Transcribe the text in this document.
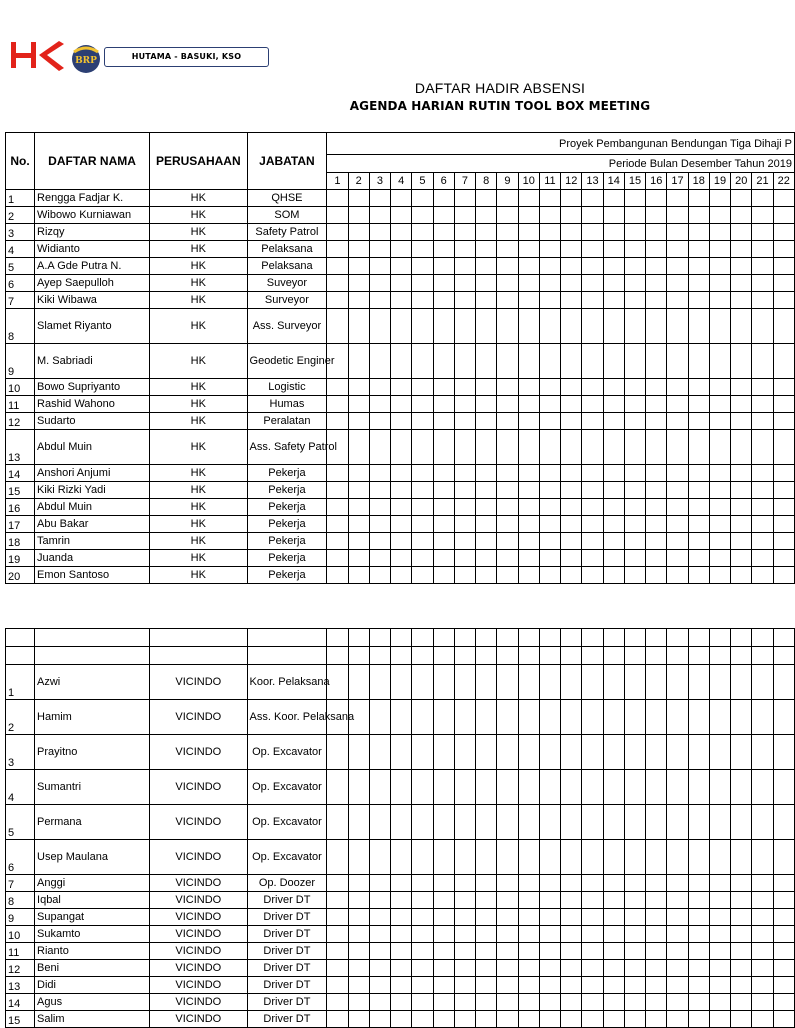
BRP	HUTAMA - BASUKI, KSO
DAFTAR HADIR ABSENSI
AGENDA HARIAN RUTIN TOOL BOX MEETING
No.	DAFTAR NAMA	PERUSAHAAN	JABATAN	Proyek Pembangunan Bendungan Tiga Dihaji P																					
				Periode Bulan Desember Tahun 2019																					
				1	2	3	4	5	6	7	8	9	10	11	12	13	14	15	16	17	18	19	20	21	22
1	Rengga Fadjar K.	HK	QHSE																						
2	Wibowo Kurniawan	HK	SOM																						
3	Rizqy	HK	Safety Patrol																						
4	Widianto	HK	Pelaksana																						
5	A.A Gde Putra N.	HK	Pelaksana																						
6	Ayep Saepulloh	HK	Suveyor																						
7	Kiki Wibawa	HK	Surveyor																						
8	Slamet Riyanto	HK	Ass. Surveyor																						
9	M. Sabriadi	HK	Geodetic Enginer																						
10	Bowo Supriyanto	HK	Logistic																						
11	Rashid Wahono	HK	Humas																						
12	Sudarto	HK	Peralatan																						
13	Abdul Muin	HK	Ass. Safety Patrol																						
14	Anshori Anjumi	HK	Pekerja																						
15	Kiki Rizki Yadi	HK	Pekerja																						
16	Abdul Muin	HK	Pekerja																						
17	Abu Bakar	HK	Pekerja																						
18	Tamrin	HK	Pekerja																						
19	Juanda	HK	Pekerja																						
20	Emon Santoso	HK	Pekerja																						

1	Azwi	VICINDO	Koor. Pelaksana																						
2	Hamim	VICINDO	Ass. Koor. Pelaksana																						
3	Prayitno	VICINDO	Op. Excavator																						
4	Sumantri	VICINDO	Op. Excavator																						
5	Permana	VICINDO	Op. Excavator																						
6	Usep Maulana	VICINDO	Op. Excavator																						
7	Anggi	VICINDO	Op. Doozer																						
8	Iqbal	VICINDO	Driver DT																						
9	Supangat	VICINDO	Driver DT																						
10	Sukamto	VICINDO	Driver DT																						
11	Rianto	VICINDO	Driver DT																						
12	Beni	VICINDO	Driver DT																						
13	Didi	VICINDO	Driver DT																						
14	Agus	VICINDO	Driver DT																						
15	Salim	VICINDO	Driver DT																						
